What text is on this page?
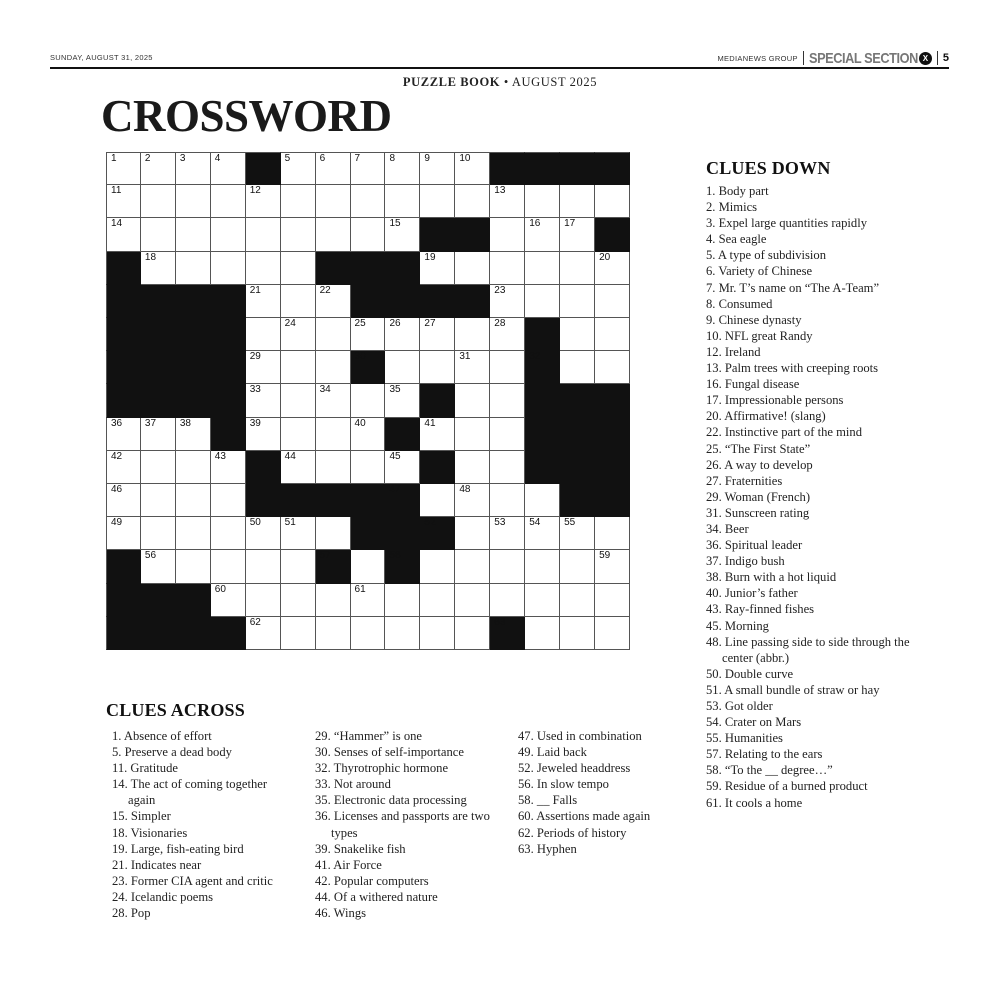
SUNDAY, AUGUST 31, 2025	MEDIANEWS GROUP SPECIAL SECTION X	5
PUZZLE BOOK • AUGUST 2025
CROSSWORD
1	2	3	4	5	6	7	8	9	10
11	12	13
14	15	16 17
18	19	20
21	22	23
24	25 26 27	28
29	30	31	32
33	34	35
36 37 38	39	40	41
42	43	44	45
46	47	48
49	50 51	52	53 54 55
56	57	58	59
60	61
62	63
CLUES ACROSS
1. Absence of effort
5. Preserve a dead body
11. Gratitude
14. The act of coming together again
15. Simpler
18. Visionaries
19. Large, fish-eating bird
21. Indicates near
23. Former CIA agent and critic
24. Icelandic poems
28. Pop
29. “Hammer” is one
30. Senses of self-importance
32. Thyrotrophic hormone
33. Not around
35. Electronic data processing
36. Licenses and passports are two types
39. Snakelike fish
41. Air Force
42. Popular computers
44. Of a withered nature
46. Wings
47. Used in combination
49. Laid back
52. Jeweled headdress
56. In slow tempo
58. __ Falls
60. Assertions made again
62. Periods of history
63. Hyphen
CLUES DOWN
1. Body part
2. Mimics
3. Expel large quantities rapidly
4. Sea eagle
5. A type of subdivision
6. Variety of Chinese
7. Mr. T’s name on “The A-Team”
8. Consumed
9. Chinese dynasty
10. NFL great Randy
12. Ireland
13. Palm trees with creeping roots
16. Fungal disease
17. Impressionable persons
20. Affirmative! (slang)
22. Instinctive part of the mind
25. “The First State”
26. A way to develop
27. Fraternities
29. Woman (French)
31. Sunscreen rating
34. Beer
36. Spiritual leader
37. Indigo bush
38. Burn with a hot liquid
40. Junior’s father
43. Ray-finned fishes
45. Morning
48. Line passing side to side through the center (abbr.)
50. Double curve
51. A small bundle of straw or hay
53. Got older
54. Crater on Mars
55. Humanities
57. Relating to the ears
58. “To the __ degree…”
59. Residue of a burned product
61. It cools a home
